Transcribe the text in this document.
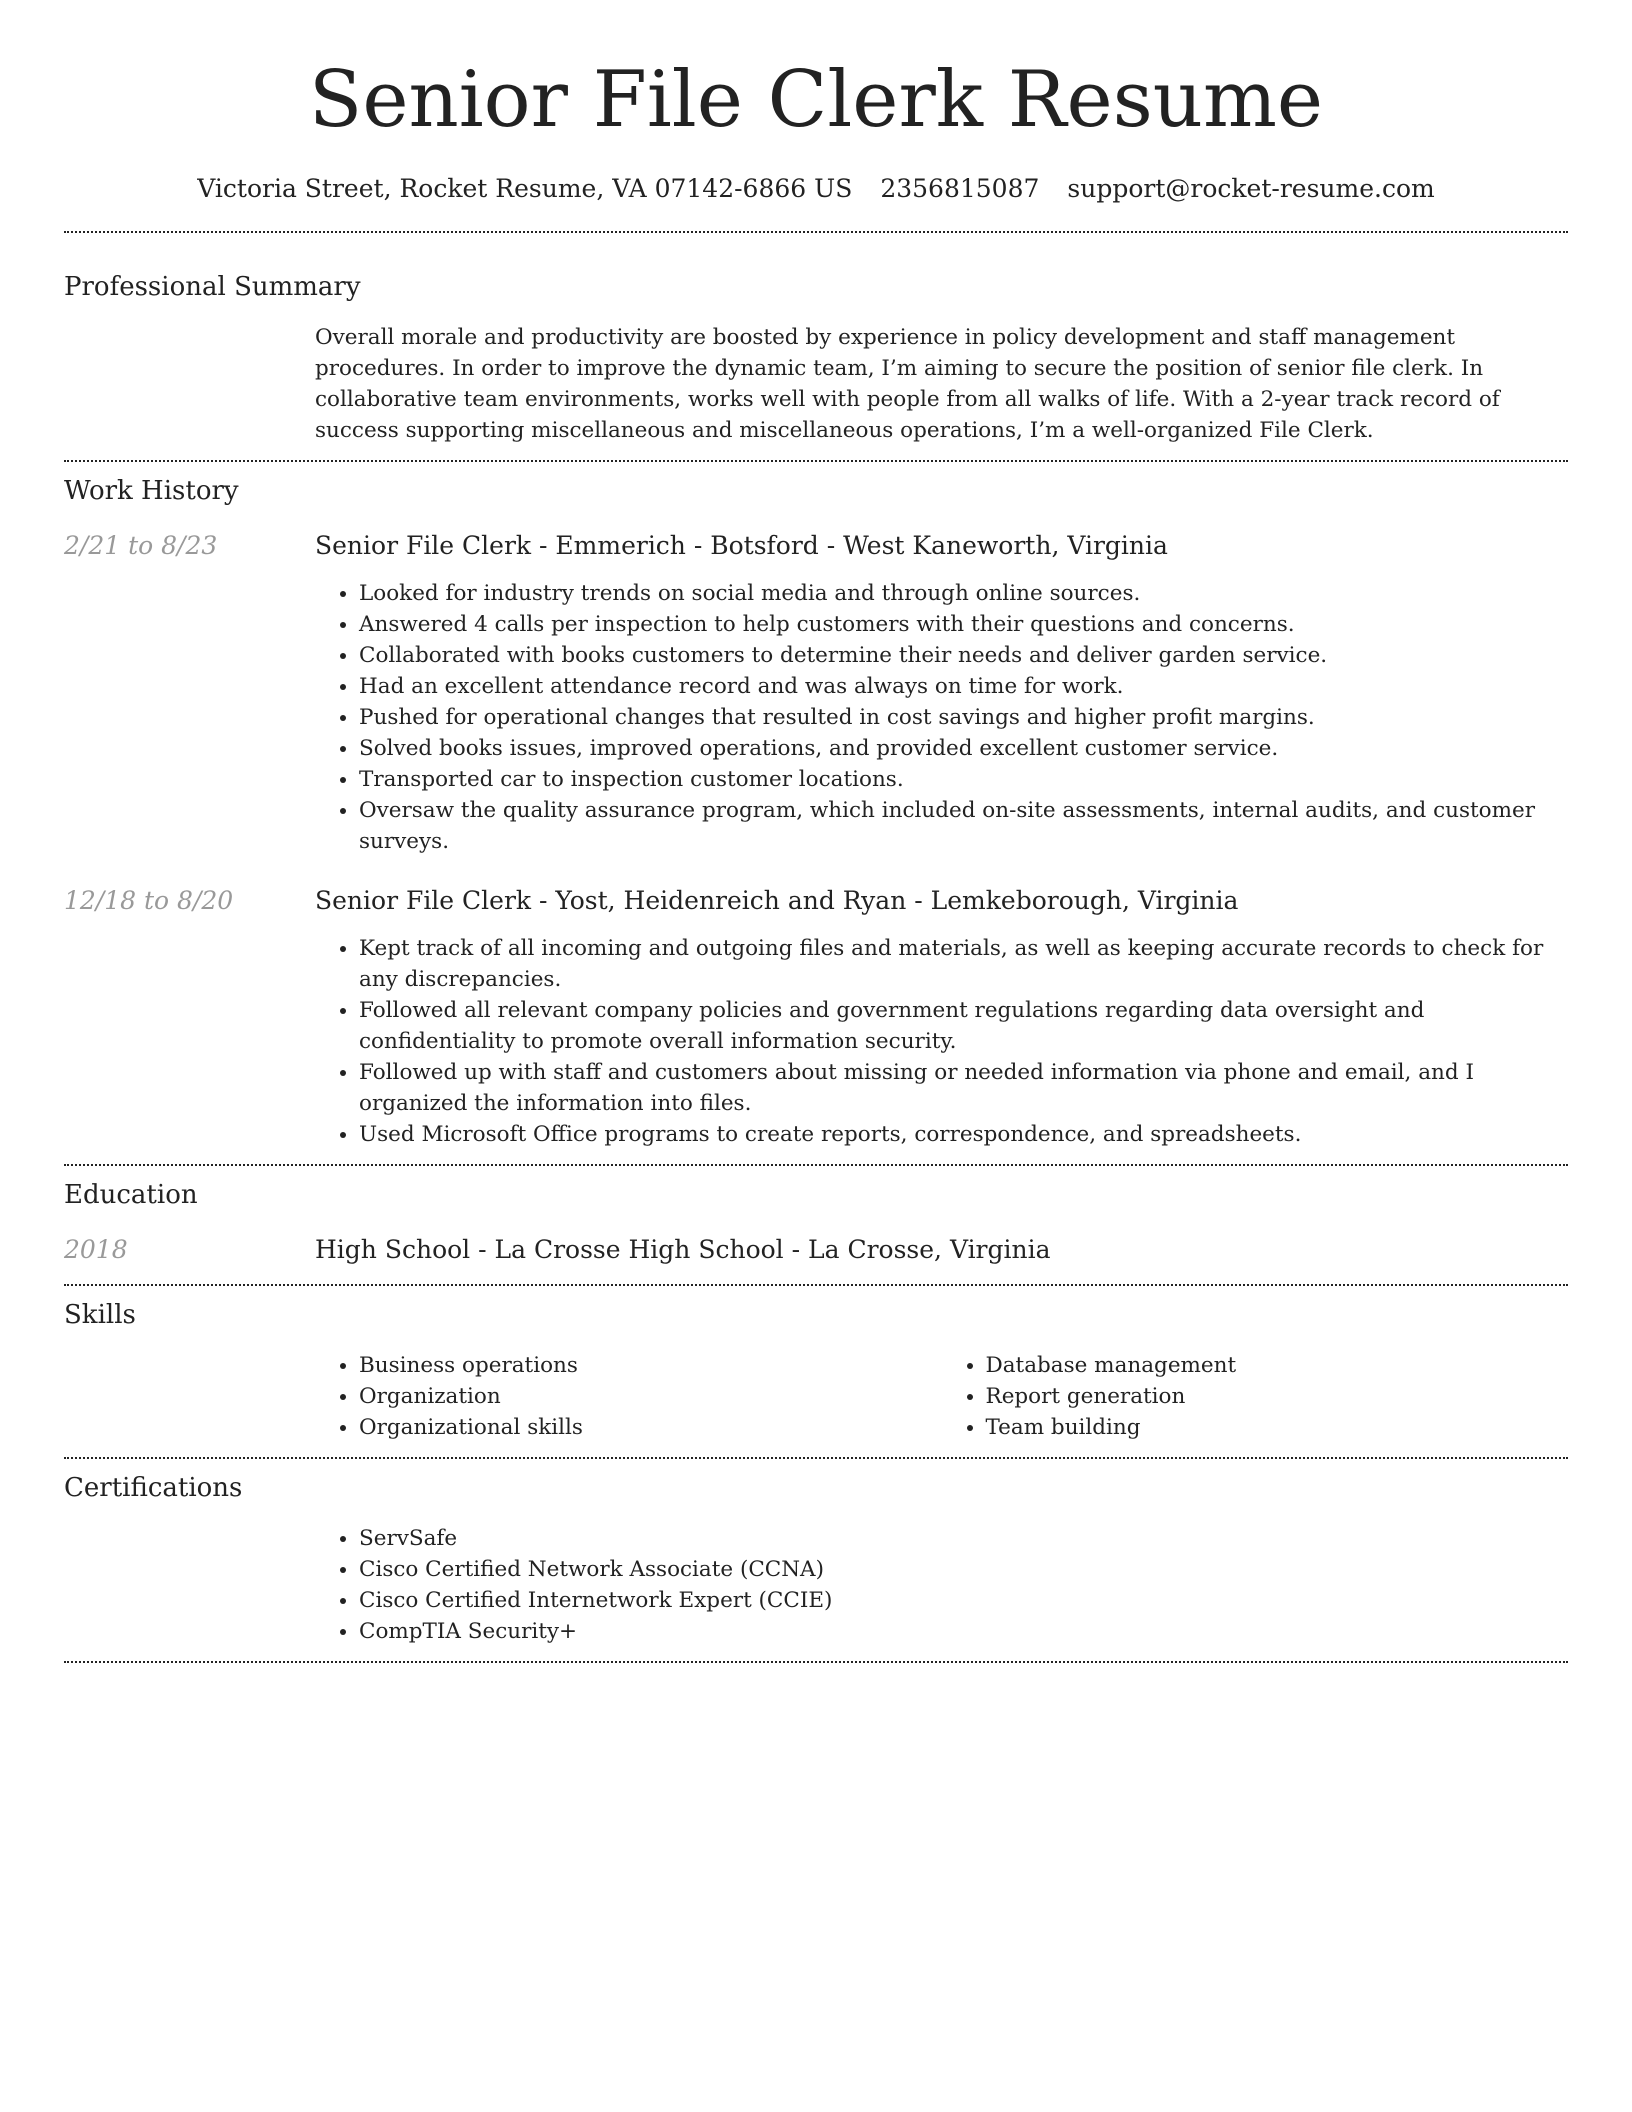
Senior File Clerk Resume
Victoria Street, Rocket Resume, VA 07142-6866 US 2356815087 support@rocket-resume.com
Professional Summary
Overall morale and productivity are boosted by experience in policy development and staff management procedures. In order to improve the dynamic team, I’m aiming to secure the position of senior file clerk. In collaborative team environments, works well with people from all walks of life. With a 2-year track record of success supporting miscellaneous and miscellaneous operations, I’m a well-organized File Clerk.
Work History
2/21 to 8/23	Senior File Clerk - Emmerich - Botsford - West Kaneworth, Virginia
• Looked for industry trends on social media and through online sources.
• Answered 4 calls per inspection to help customers with their questions and concerns.
• Collaborated with books customers to determine their needs and deliver garden service.
• Had an excellent attendance record and was always on time for work.
• Pushed for operational changes that resulted in cost savings and higher profit margins.
• Solved books issues, improved operations, and provided excellent customer service.
• Transported car to inspection customer locations.
• Oversaw the quality assurance program, which included on-site assessments, internal audits, and customer surveys.
12/18 to 8/20	Senior File Clerk - Yost, Heidenreich and Ryan - Lemkeborough, Virginia
• Kept track of all incoming and outgoing files and materials, as well as keeping accurate records to check for any discrepancies.
• Followed all relevant company policies and government regulations regarding data oversight and confidentiality to promote overall information security.
• Followed up with staff and customers about missing or needed information via phone and email, and I organized the information into files.
• Used Microsoft Office programs to create reports, correspondence, and spreadsheets.
Education
2018	High School - La Crosse High School - La Crosse, Virginia
Skills
• Business operations
• Organization
• Organizational skills
• Database management
• Report generation
• Team building
Certifications
• ServSafe
• Cisco Certified Network Associate (CCNA)
• Cisco Certified Internetwork Expert (CCIE)
• CompTIA Security+
